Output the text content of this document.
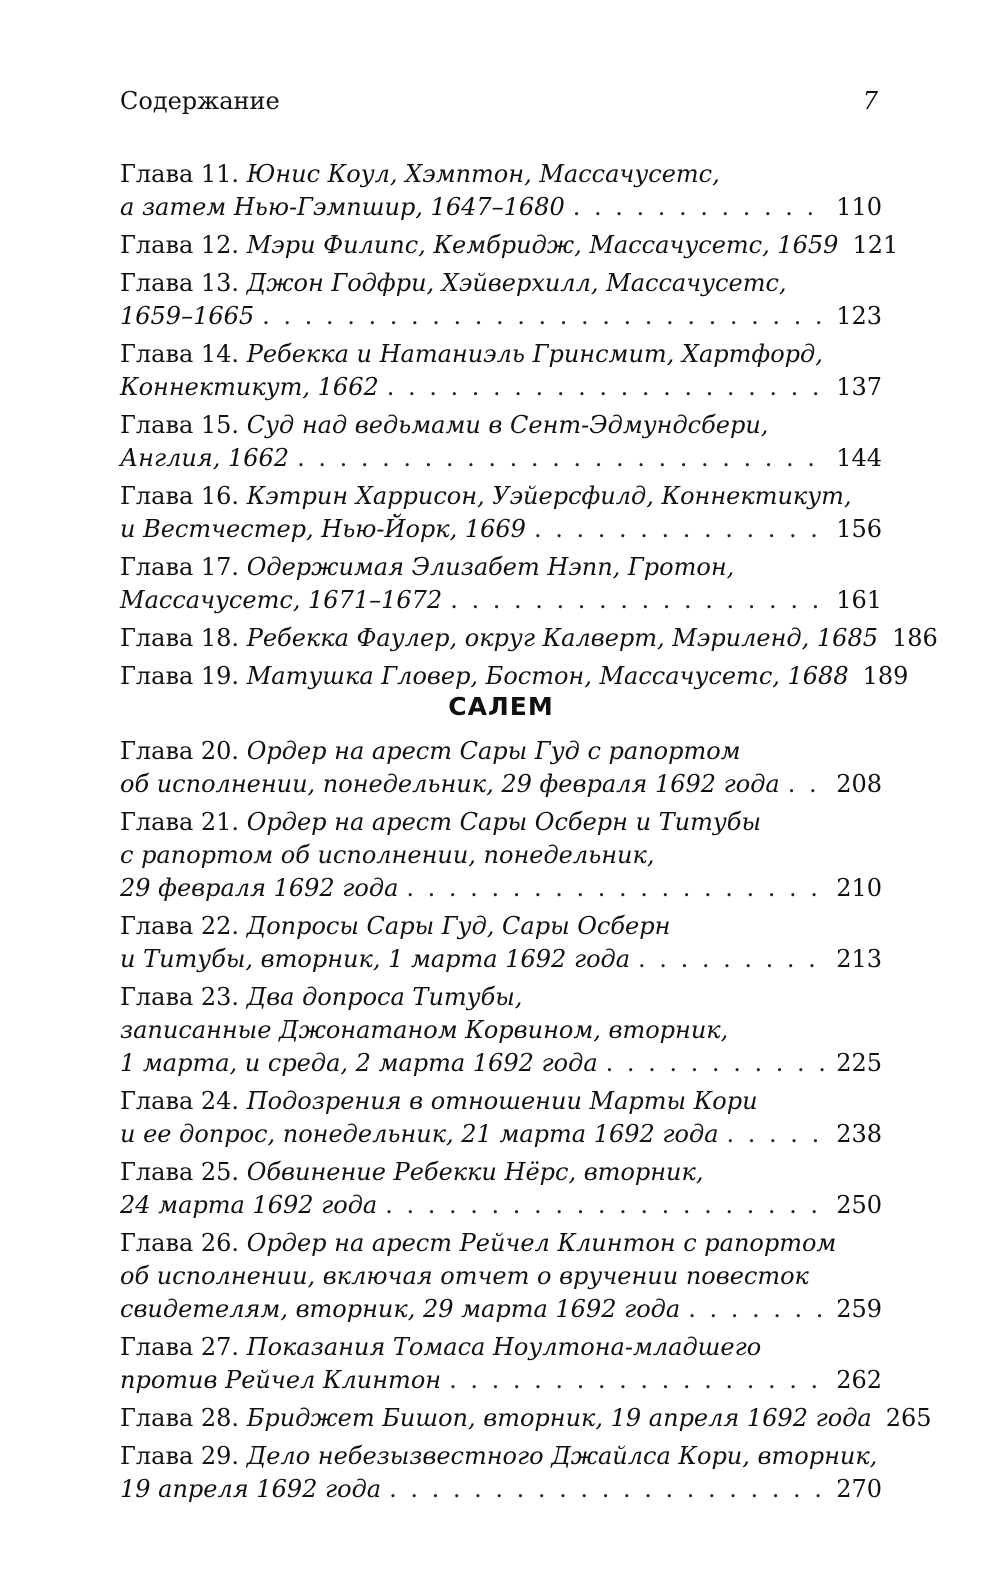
Содержание	7
Глава 11.
Юнис Коул, Хэмптон, Массачусетс,
а затем Нью-Гэмпшир, 1647–1680 . . .	110
Глава 12.
Мэри Филипс, Кембридж, Массачусетс, 1659 121
Глава 13.
Джон Годфри, Хэйверхилл, Массачусетс,
1659–1665 . . .	123
Глава 14.
Ребекка и Натаниэль Гринсмит, Хартфорд,
Коннектикут, 1662 . . .	137
Глава 15.
Суд над ведьмами в Сент-Эдмундсбери,
Англия, 1662 . . .	144
Глава 16.
Кэтрин Харрисон, Уэйерсфилд, Коннектикут,
и Вестчестер, Нью-Йорк, 1669 . . .	156
Глава 17.
Одержимая Элизабет Нэпп, Гротон,
Массачусетс, 1671–1672 . . .	161
Глава 18.
Ребекка Фаулер, округ Калверт, Мэриленд, 1685 186
Глава 19.
Матушка Гловер, Бостон, Массачусетс, 1688 189
САЛЕМ
Глава 20.
Ордер на арест Сары Гуд с рапортом
об исполнении, понедельник, 29 февраля 1692 года . . . 208
Глава 21.
Ордер на арест Сары Осберн и Титубы
с рапортом об исполнении, понедельник,
29 февраля 1692 года . . .	210
Глава 22.
Допросы Сары Гуд, Сары Осберн
и Титубы, вторник, 1 марта 1692 года . . .	213
Глава 23.
Два допроса Титубы,
записанные Джонатаном Корвином, вторник,
1 марта, и среда, 2 марта 1692 года . . .	225
Глава 24.
Подозрения в отношении Марты Кори
и ее допрос, понедельник, 21 марта 1692 года . . .	238
Глава 25.
Обвинение Ребекки Нёрс, вторник,
24 марта 1692 года . . .	250
Глава 26.
Ордер на арест Рейчел Клинтон с рапортом
об исполнении, включая отчет о вручении повесток
свидетелям, вторник, 29 марта 1692 года . . .	259
Глава 27.
Показания Томаса Ноултона-младшего
против Рейчел Клинтон . . .	262
Глава 28.
Бриджет Бишоп, вторник, 19 апреля 1692 года 265
Глава 29.
Дело небезызвестного Джайлса Кори, вторник,
19 апреля 1692 года . . .	270
